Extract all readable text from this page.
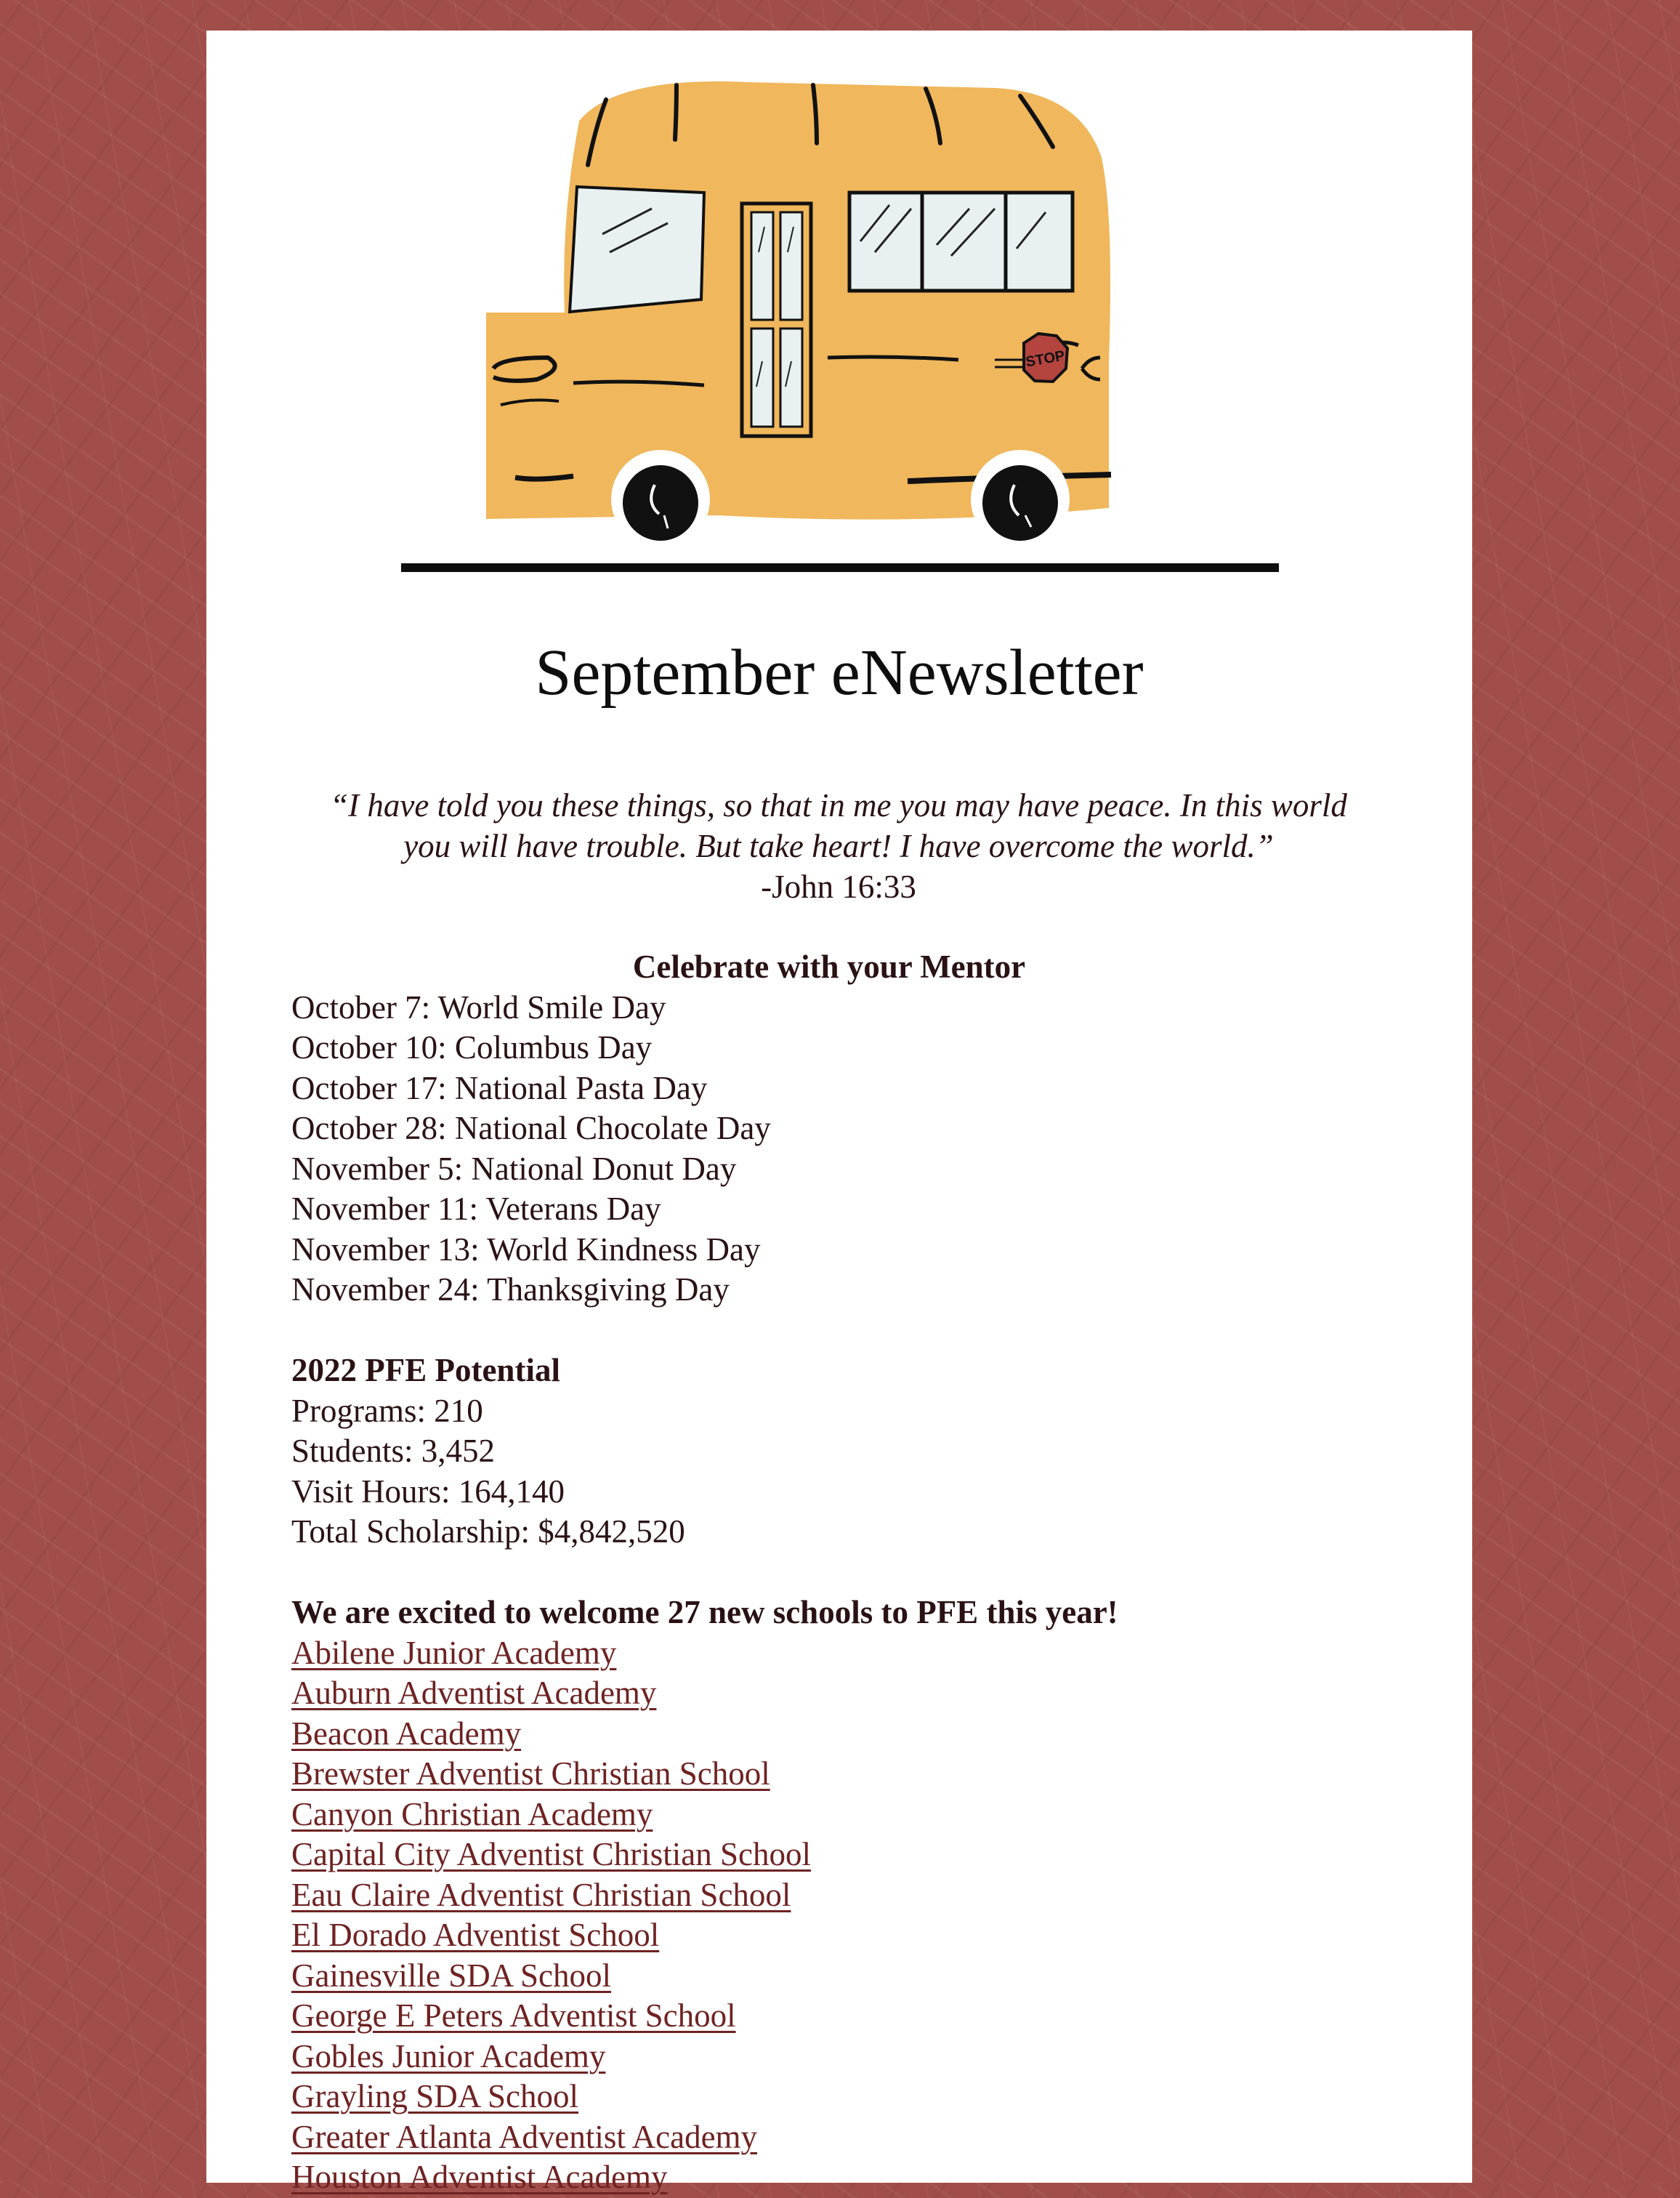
STOP
September eNewsletter
“I have told you these things, so that in me you may have peace. In this world
you will have trouble. But take heart! I have overcome the world.”
-John 16:33
Celebrate with your Mentor
October 7: World Smile Day
October 10: Columbus Day
October 17: National Pasta Day
October 28: National Chocolate Day
November 5: National Donut Day
November 11: Veterans Day
November 13: World Kindness Day
November 24: Thanksgiving Day
2022 PFE Potential
Programs: 210
Students: 3,452
Visit Hours: 164,140
Total Scholarship: $4,842,520
We are excited to welcome 27 new schools to PFE this year!
Abilene Junior Academy
Auburn Adventist Academy
Beacon Academy
Brewster Adventist Christian School
Canyon Christian Academy
Capital City Adventist Christian School
Eau Claire Adventist Christian School
El Dorado Adventist School
Gainesville SDA School
George E Peters Adventist School
Gobles Junior Academy
Grayling SDA School
Greater Atlanta Adventist Academy
Houston Adventist Academy
